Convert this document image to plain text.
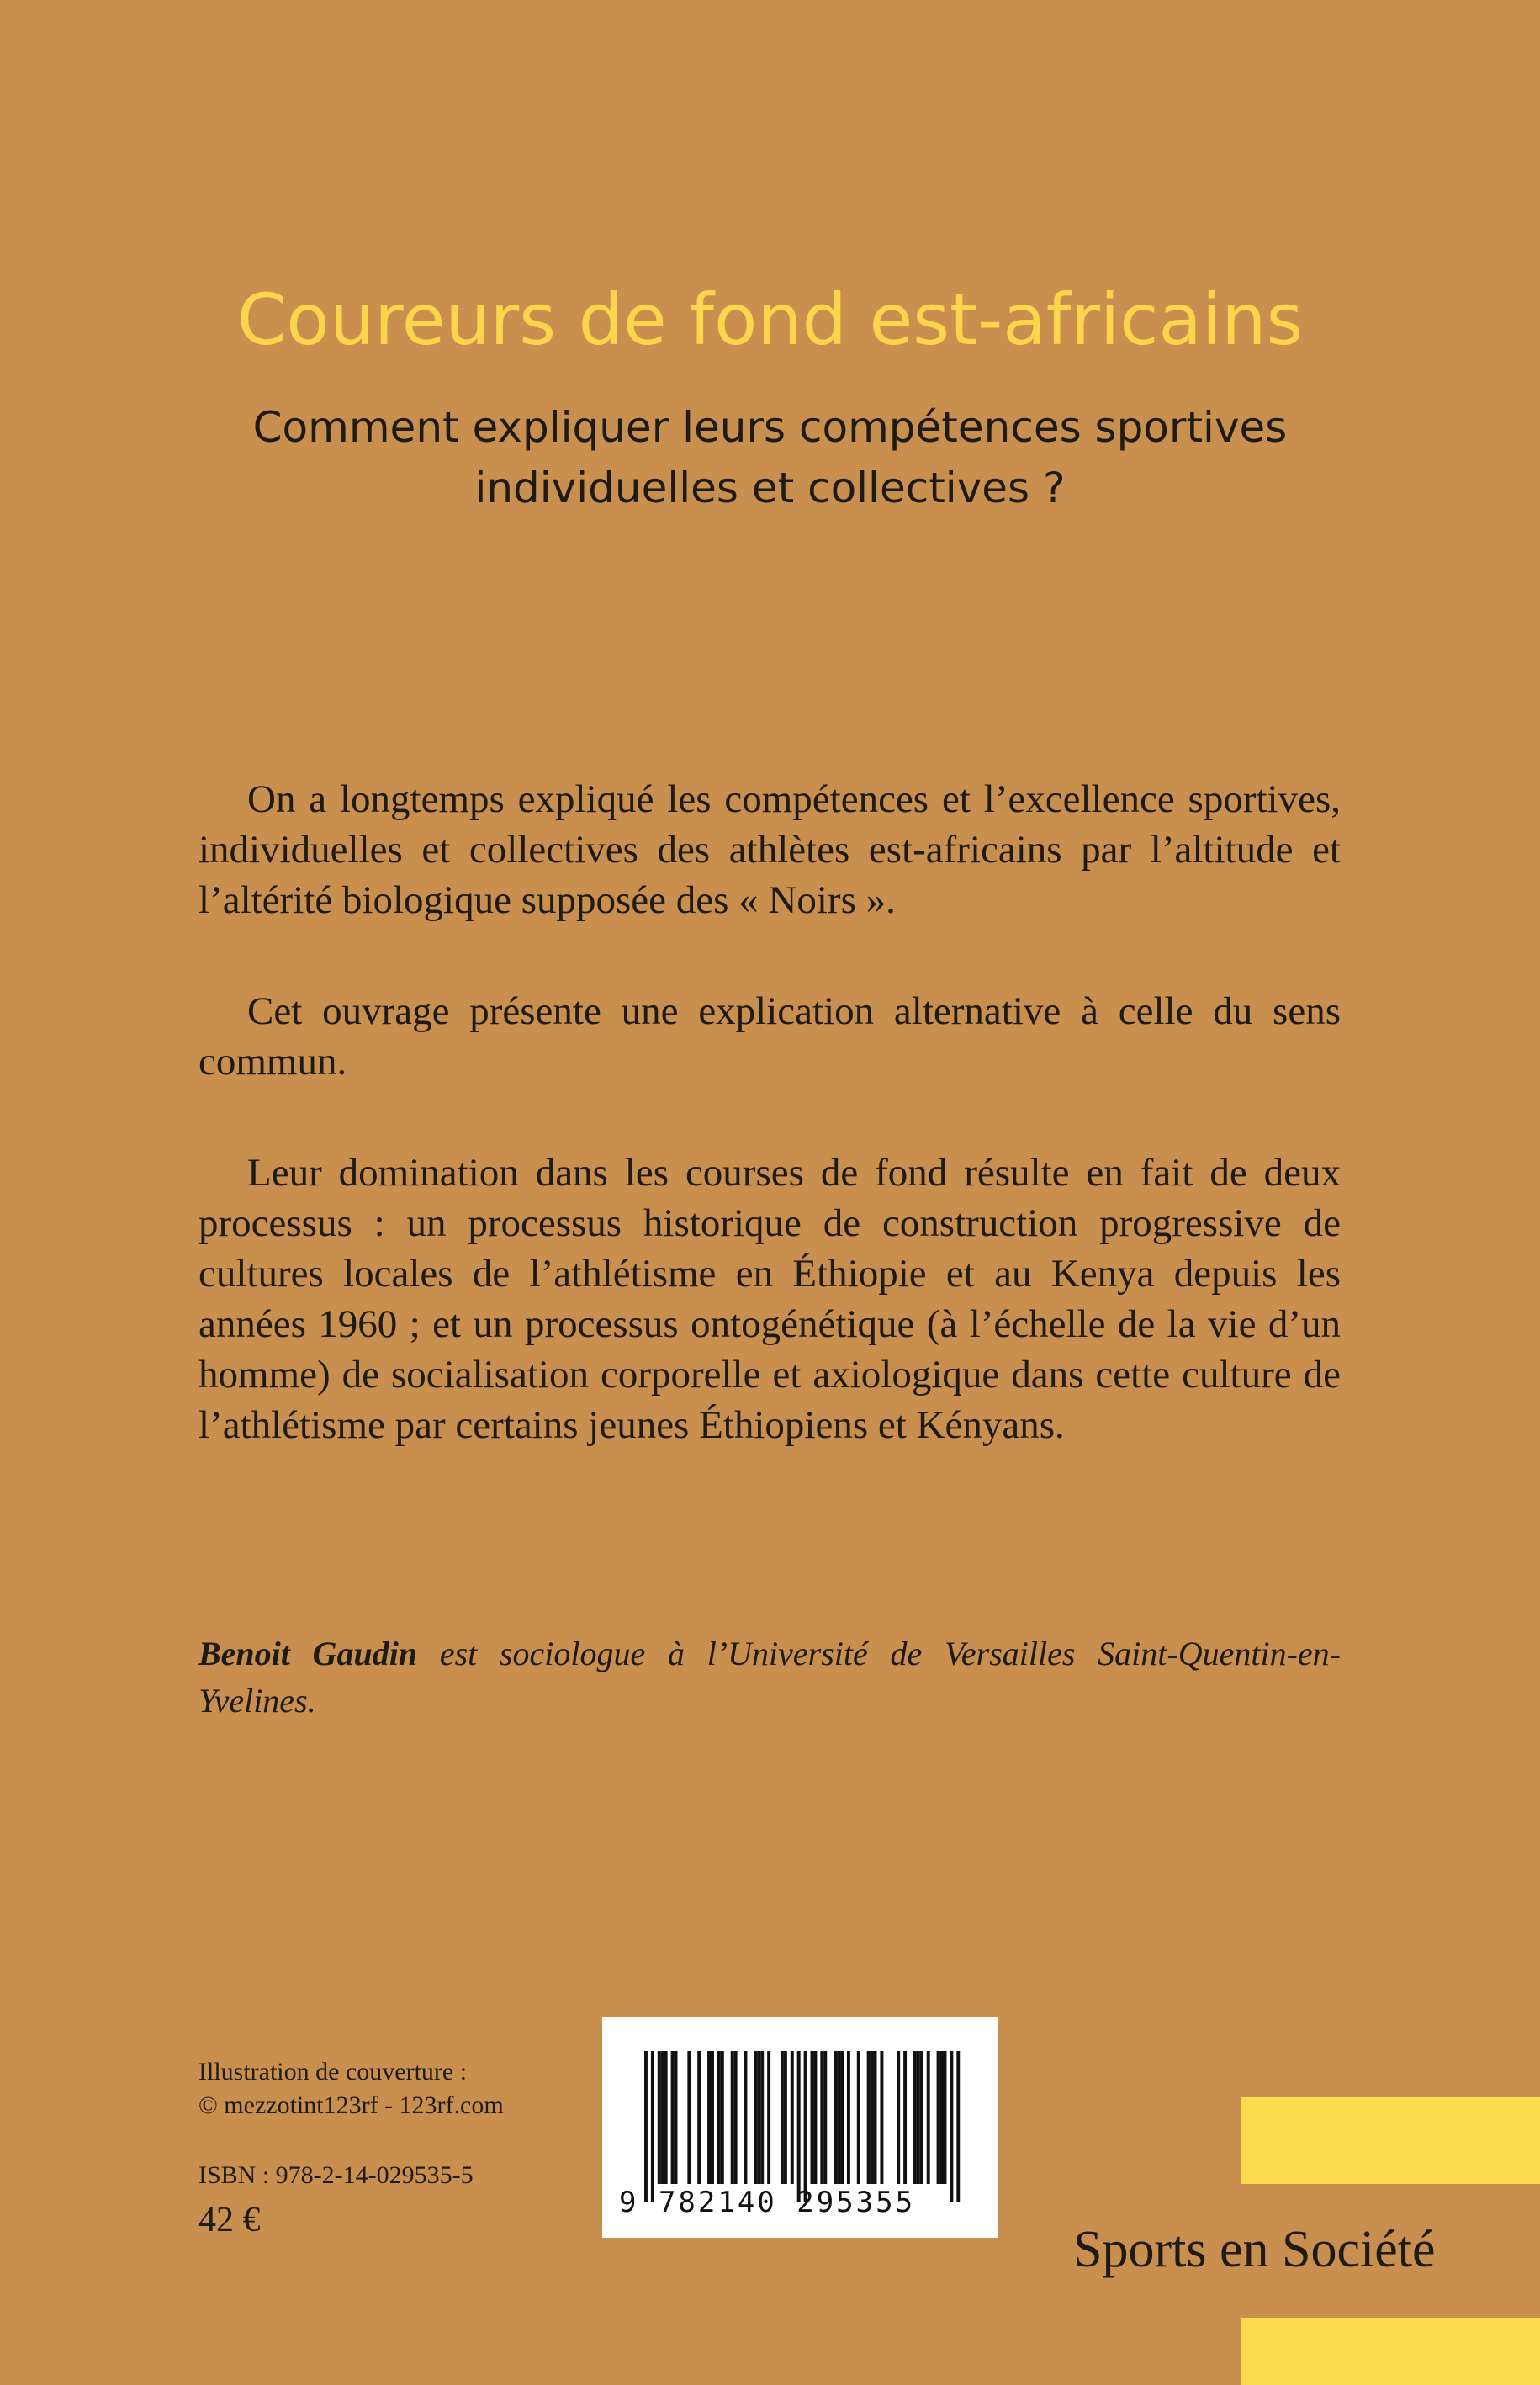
Coureurs de fond est-africains
Comment expliquer leurs compétences sportives
individuelles et collectives ?

On a longtemps expliqué les compétences et l’excellence sportives, individuelles et collectives des athlètes est-africains par l’altitude et l’altérité biologique supposée des « Noirs ».

Cet ouvrage présente une explication alternative à celle du sens commun.

Leur domination dans les courses de fond résulte en fait de deux processus : un processus historique de construction progressive de cultures locales de l’athlétisme en Éthiopie et au Kenya depuis les années 1960 ; et un processus ontogénétique (à l’échelle de la vie d’un homme) de socialisation corporelle et axiologique dans cette culture de l’athlétisme par certains jeunes Éthiopiens et Kényans.

Benoit Gaudin est sociologue à l’Université de Versailles Saint-Quentin-en-Yvelines.
Illustration de couverture :
© mezzotint123rf - 123rf.com
ISBN : 978-2-14-029535-5
42 €	9 782140 295355
Sports en Société
